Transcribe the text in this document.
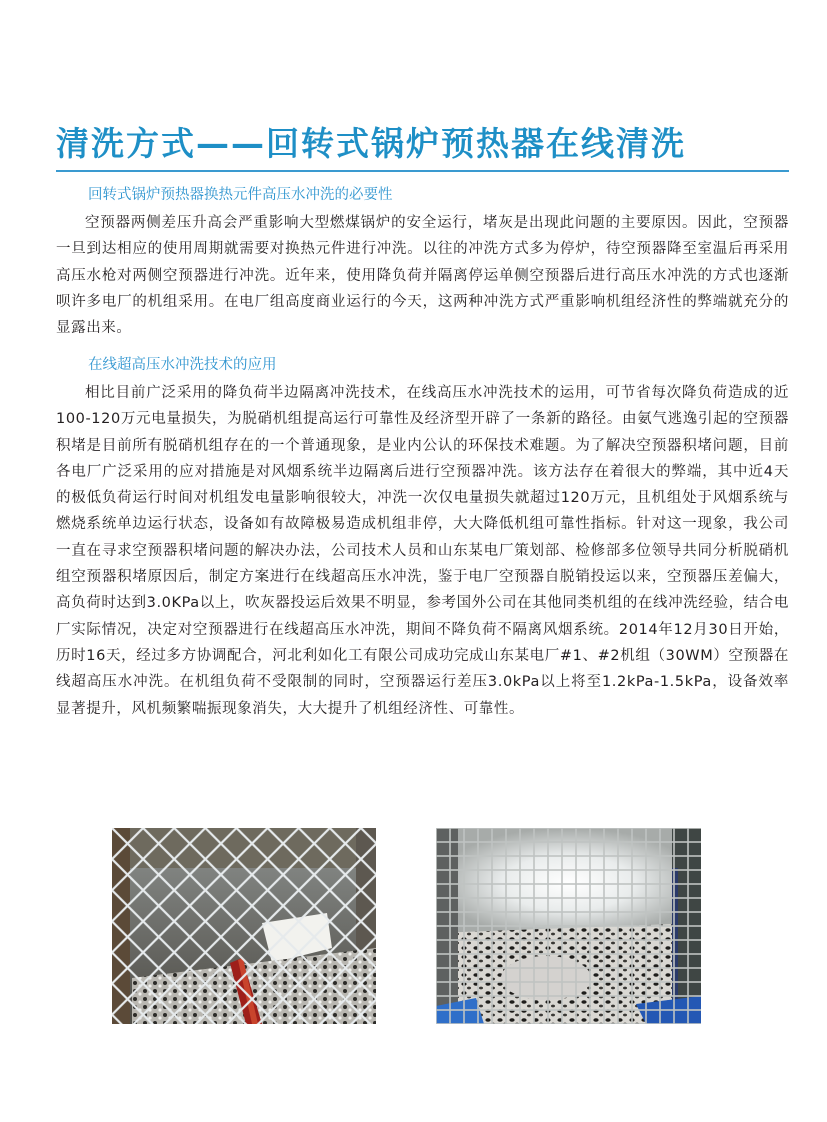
清洗方式——回转式锅炉预热器在线清洗
回转式锅炉预热器换热元件高压水冲洗的必要性

空预器两侧差压升高会严重影响大型燃煤锅炉的安全运行，堵灰是出现此问题的主要原因。因此，空预器一旦到达相应的使用周期就需要对换热元件进行冲洗。以往的冲洗方式多为停炉，待空预器降至室温后再采用高压水枪对两侧空预器进行冲洗。近年来，使用降负荷并隔离停运单侧空预器后进行高压水冲洗的方式也逐渐呗许多电厂的机组采用。在电厂组高度商业运行的今天，这两种冲洗方式严重影响机组经济性的弊端就充分的显露出来。

在线超高压水冲洗技术的应用

相比目前广泛采用的降负荷半边隔离冲洗技术，在线高压水冲洗技术的运用，可节省每次降负荷造成的近100-120万元电量损失，为脱硝机组提高运行可靠性及经济型开辟了一条新的路径。由氨气逃逸引起的空预器积堵是目前所有脱硝机组存在的一个普通现象，是业内公认的环保技术难题。为了解决空预器积堵问题，目前各电厂广泛采用的应对措施是对风烟系统半边隔离后进行空预器冲洗。该方法存在着很大的弊端，其中近4天的极低负荷运行时间对机组发电量影响很较大，冲洗一次仅电量损失就超过120万元，且机组处于风烟系统与燃烧系统单边运行状态，设备如有故障极易造成机组非停，大大降低机组可靠性指标。针对这一现象，我公司一直在寻求空预器积堵问题的解决办法，公司技术人员和山东某电厂策划部、检修部多位领导共同分析脱硝机组空预器积堵原因后，制定方案进行在线超高压水冲洗，鉴于电厂空预器自脱销投运以来，空预器压差偏大，高负荷时达到3.0KPa以上，吹灰器投运后效果不明显，参考国外公司在其他同类机组的在线冲洗经验，结合电厂实际情况，决定对空预器进行在线超高压水冲洗，期间不降负荷不隔离风烟系统。2014年12月30日开始，历时16天，经过多方协调配合，河北利如化工有限公司成功完成山东某电厂#1、#2机组（30WM）空预器在线超高压水冲洗。在机组负荷不受限制的同时，空预器运行差压3.0kPa以上将至1.2kPa-1.5kPa，设备效率显著提升，风机频繁喘振现象消失，大大提升了机组经济性、可靠性。
